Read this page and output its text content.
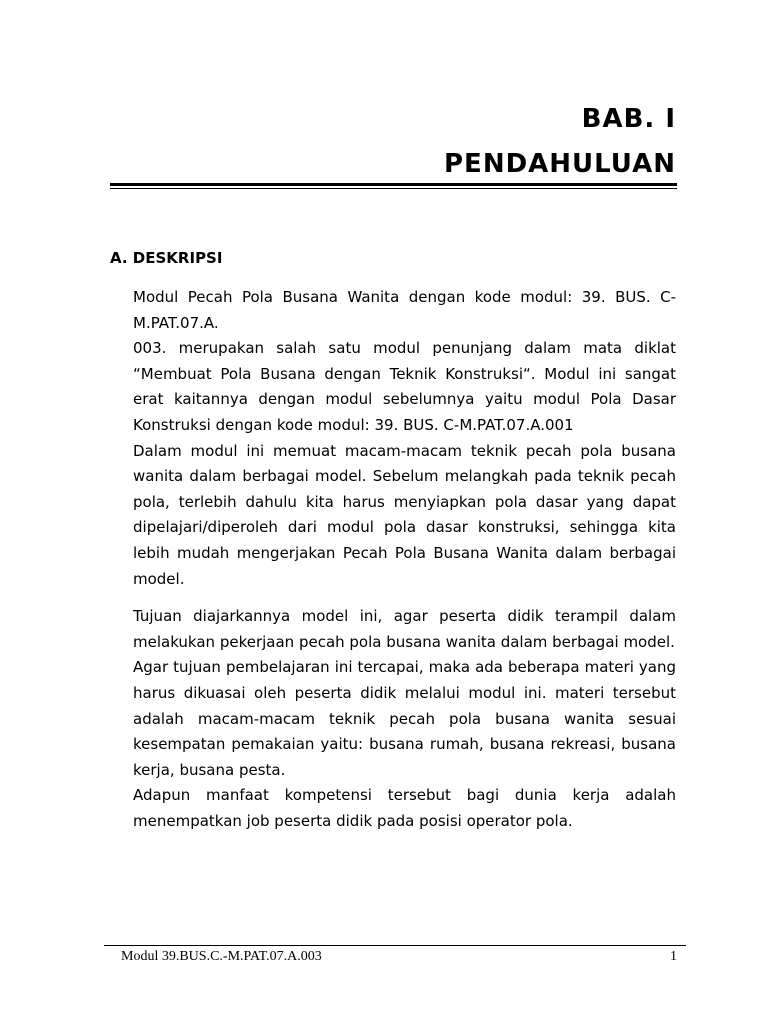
BAB. I
PENDAHULUAN
A. DESKRIPSI

Modul Pecah Pola Busana Wanita dengan kode modul: 39. BUS. C-M.PAT.07.A.

003. merupakan salah satu modul penunjang dalam mata diklat “Membuat Pola Busana dengan Teknik Konstruksi“. Modul ini sangat erat kaitannya dengan modul sebelumnya yaitu modul Pola Dasar Konstruksi dengan kode modul: 39. BUS. C-M.PAT.07.A.001

Dalam modul ini memuat macam-macam teknik pecah pola busana wanita dalam berbagai model. Sebelum melangkah pada teknik pecah pola, terlebih dahulu kita harus menyiapkan pola dasar yang dapat dipelajari/diperoleh dari modul pola dasar konstruksi, sehingga kita lebih mudah mengerjakan Pecah Pola Busana Wanita dalam berbagai model.

Tujuan diajarkannya model ini, agar peserta didik terampil dalam melakukan pekerjaan pecah pola busana wanita dalam berbagai model.

Agar tujuan pembelajaran ini tercapai, maka ada beberapa materi yang harus dikuasai oleh peserta didik melalui modul ini. materi tersebut adalah macam-macam teknik pecah pola busana wanita sesuai kesempatan pemakaian yaitu: busana rumah, busana rekreasi, busana kerja, busana pesta.

Adapun manfaat kompetensi tersebut bagi dunia kerja adalah menempatkan job peserta didik pada posisi operator pola.

Modul 39.BUS.C.-M.PAT.07.A.003	1
